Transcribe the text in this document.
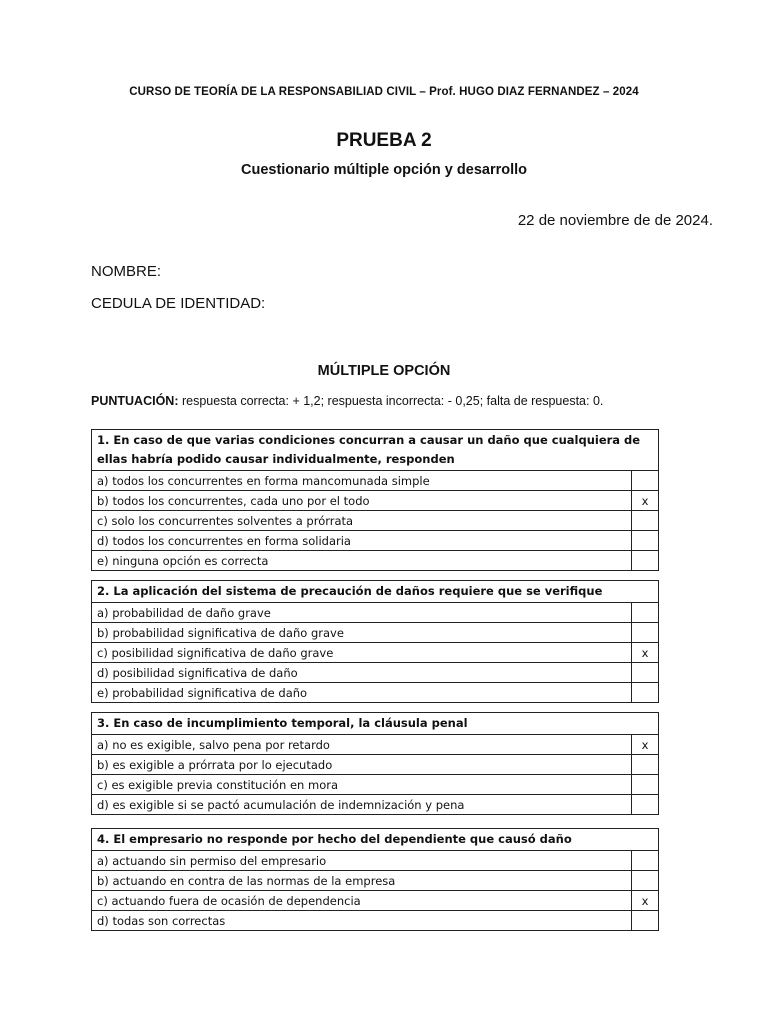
CURSO DE TEORÍA DE LA RESPONSABILIAD CIVIL – Prof. HUGO DIAZ FERNANDEZ – 2024
PRUEBA 2
Cuestionario múltiple opción y desarrollo
22 de noviembre de de 2024.
NOMBRE:
CEDULA DE IDENTIDAD:
MÚLTIPLE OPCIÓN
PUNTUACIÓN: respuesta correcta: + 1,2; respuesta incorrecta: - 0,25; falta de respuesta: 0.
1. En caso de que varias condiciones concurran a causar un daño que cualquiera de ellas habría podido causar individualmente, responden	
a) todos los concurrentes en forma mancomunada simple	
b) todos los concurrentes, cada uno por el todo	x
c) solo los concurrentes solventes a prórrata	
d) todos los concurrentes en forma solidaria	
e) ninguna opción es correcta	
2. La aplicación del sistema de precaución de daños requiere que se verifique	
a) probabilidad de daño grave	
b) probabilidad significativa de daño grave	
c) posibilidad significativa de daño grave	x
d) posibilidad significativa de daño	
e) probabilidad significativa de daño	
3. En caso de incumplimiento temporal, la cláusula penal	
a) no es exigible, salvo pena por retardo	x
b) es exigible a prórrata por lo ejecutado	
c) es exigible previa constitución en mora	
d) es exigible si se pactó acumulación de indemnización y pena	
4. El empresario no responde por hecho del dependiente que causó daño	
a) actuando sin permiso del empresario	
b) actuando en contra de las normas de la empresa	
c) actuando fuera de ocasión de dependencia	x
d) todas son correctas	
